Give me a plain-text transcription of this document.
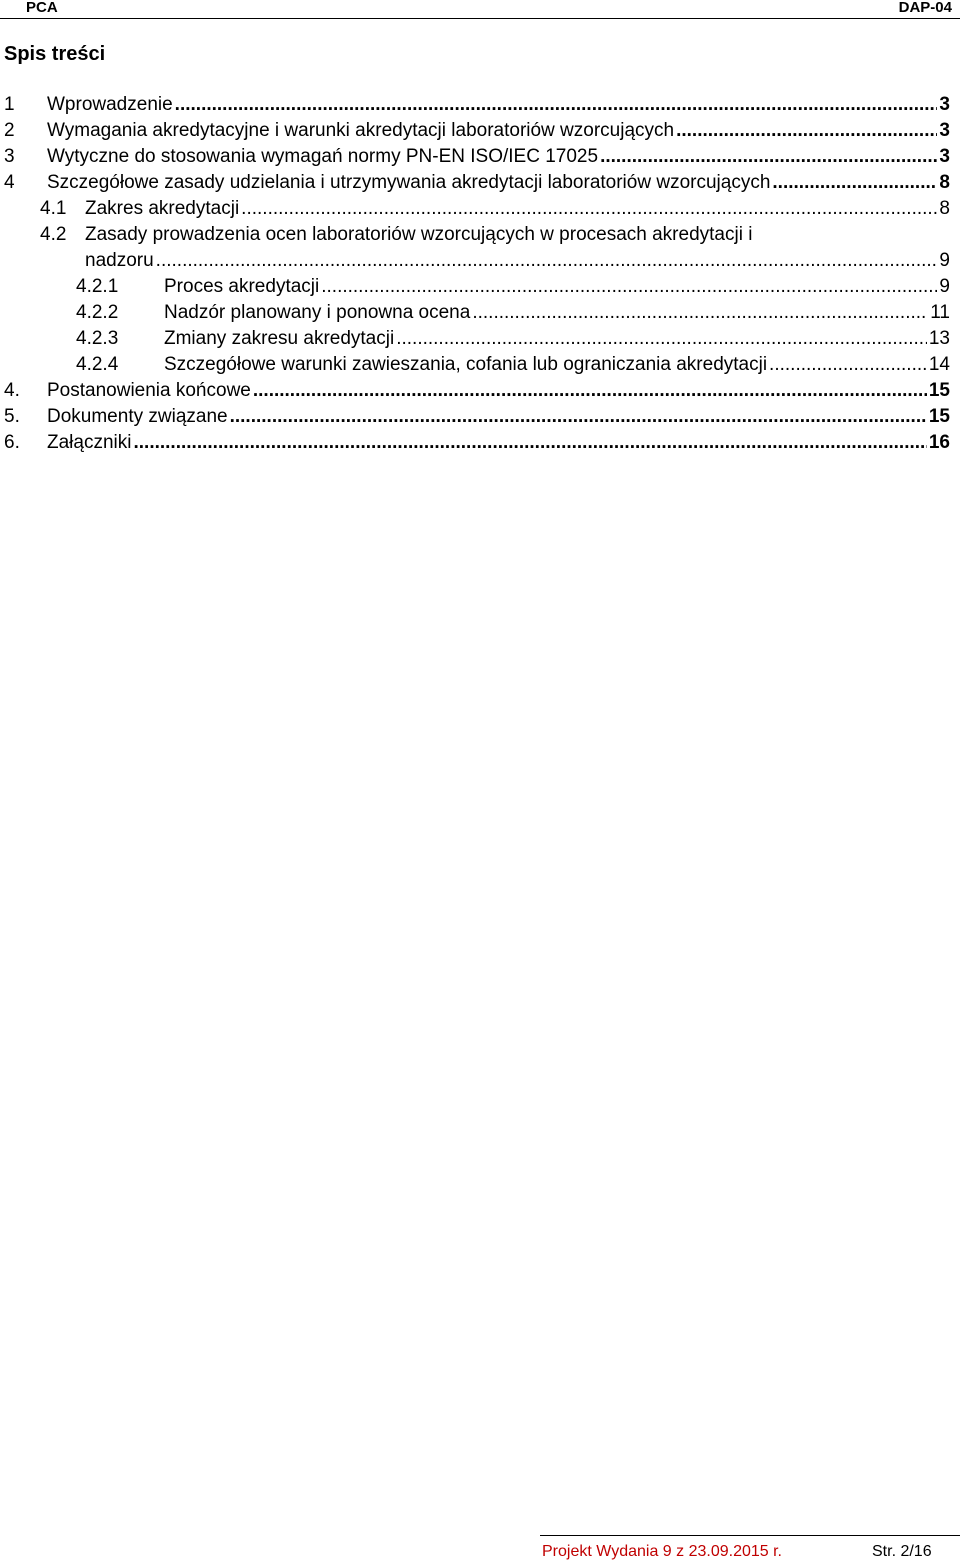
PCA	DAP-04
Spis treści
1 Wprowadzenie .....	3
2 Wymagania akredytacyjne i warunki akredytacji laboratoriów wzorcujących .....	3
3 Wytyczne do stosowania wymagań normy PN-EN ISO/IEC 17025 .....	3
4 Szczegółowe zasady udzielania i utrzymywania akredytacji laboratoriów wzorcujących .....	8
4.1 Zakres akredytacji .....	8
4.2 Zasady prowadzenia ocen laboratoriów wzorcujących w procesach akredytacji i
nadzoru .....	9
4.2.1 Proces akredytacji .....	9
4.2.2 Nadzór planowany i ponowna ocena .....	11
4.2.3 Zmiany zakresu akredytacji .....	13
4.2.4 Szczegółowe warunki zawieszania, cofania lub ograniczania akredytacji .....	14
4. Postanowienia końcowe .....	15
5. Dokumenty związane .....	15
6. Załączniki .....	16
Projekt Wydania 9 z 23.09.2015 r.	Str. 2/16
